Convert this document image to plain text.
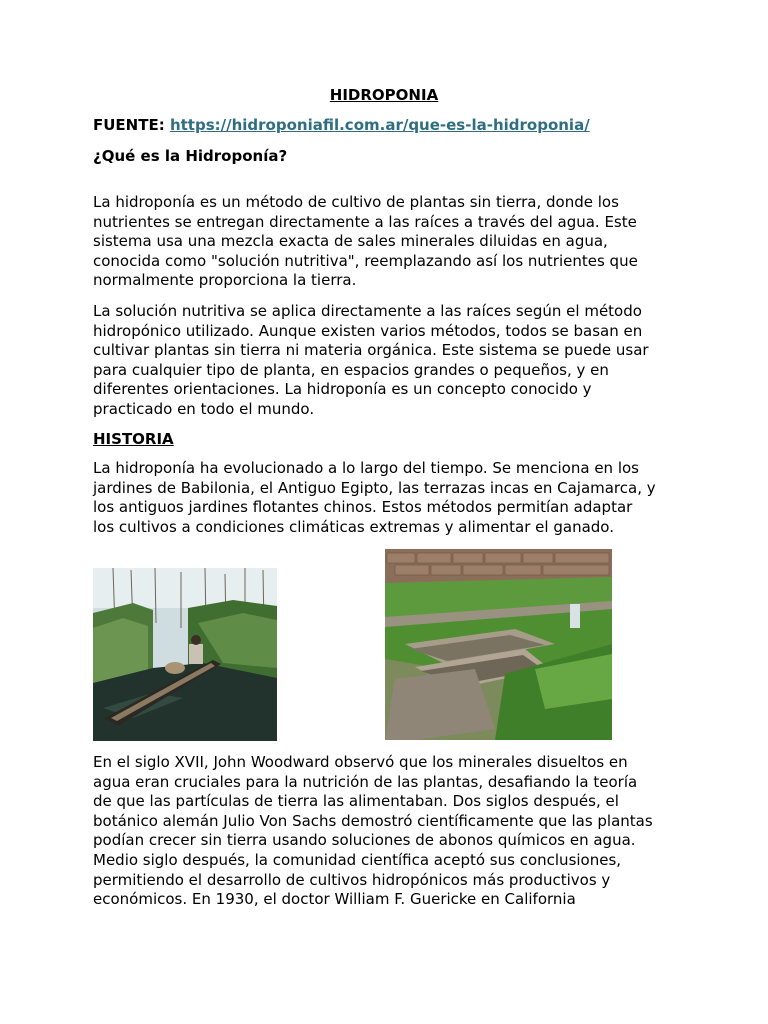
HIDROPONIA
FUENTE: https://hidroponiafil.com.ar/que-es-la-hidroponia/
¿Qué es la Hidroponía?
La hidroponía es un método de cultivo de plantas sin tierra, donde los
nutrientes se entregan directamente a las raíces a través del agua. Este
sistema usa una mezcla exacta de sales minerales diluidas en agua,
conocida como "solución nutritiva", reemplazando así los nutrientes que
normalmente proporciona la tierra.
La solución nutritiva se aplica directamente a las raíces según el método
hidropónico utilizado. Aunque existen varios métodos, todos se basan en
cultivar plantas sin tierra ni materia orgánica. Este sistema se puede usar
para cualquier tipo de planta, en espacios grandes o pequeños, y en
diferentes orientaciones. La hidroponía es un concepto conocido y
practicado en todo el mundo.
HISTORIA
La hidroponía ha evolucionado a lo largo del tiempo. Se menciona en los
jardines de Babilonia, el Antiguo Egipto, las terrazas incas en Cajamarca, y
los antiguos jardines flotantes chinos. Estos métodos permitían adaptar
los cultivos a condiciones climáticas extremas y alimentar el ganado.
En el siglo XVII, John Woodward observó que los minerales disueltos en
agua eran cruciales para la nutrición de las plantas, desafiando la teoría
de que las partículas de tierra las alimentaban. Dos siglos después, el
botánico alemán Julio Von Sachs demostró científicamente que las plantas
podían crecer sin tierra usando soluciones de abonos químicos en agua.
Medio siglo después, la comunidad científica aceptó sus conclusiones,
permitiendo el desarrollo de cultivos hidropónicos más productivos y
económicos. En 1930, el doctor William F. Guericke en California
